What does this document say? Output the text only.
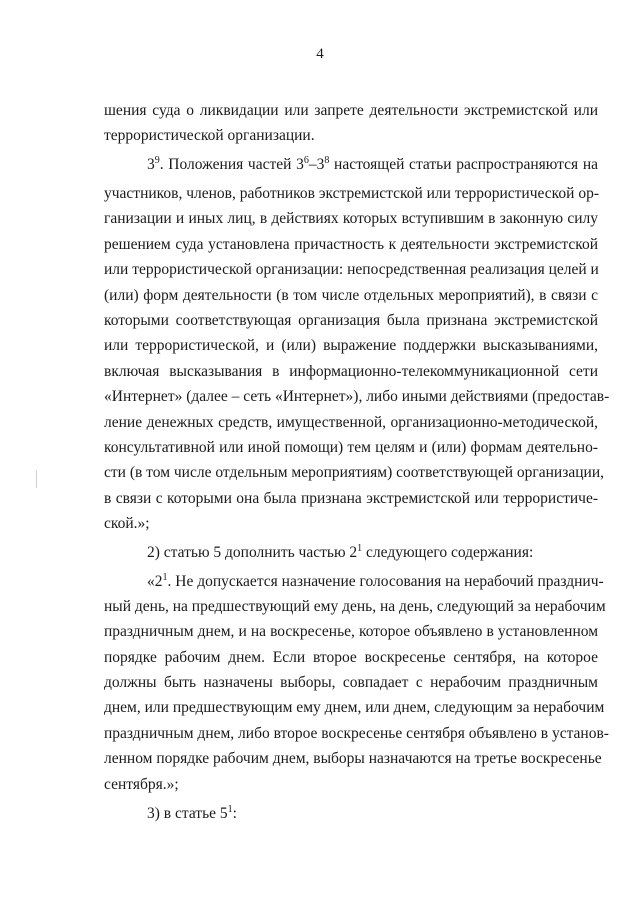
4
шения суда о ликвидации или запрете деятельности экстремистской или
террористической организации.
$3^9$. Положения частей $3^6-3^8$ настоящей статьи распространяются на
участников, членов, работников экстремистской или террористической ор-
ганизации и иных лиц, в действиях которых вступившим в законную силу
решением суда установлена причастность к деятельности экстремистской
или террористической организации: непосредственная реализация целей и
(или) форм деятельности (в том числе отдельных мероприятий), в связи с
которыми соответствующая организация была признана экстремистской
или террористической, и (или) выражение поддержки высказываниями,
включая высказывания в информационно-телекоммуникационной сети
«Интернет» (далее – сеть «Интернет»), либо иными действиями (предостав-
ление денежных средств, имущественной, организационно-методической,
консультативной или иной помощи) тем целям и (или) формам деятельно-
сти (в том числе отдельным мероприятиям) соответствующей организации,
в связи с которыми она была признана экстремистской или террористиче-
ской.»;
2) статью 5 дополнить частью $2^1$ следующего содержания:
«$2^1$. Не допускается назначение голосования на нерабочий празднич-
ный день, на предшествующий ему день, на день, следующий за нерабочим
праздничным днем, и на воскресенье, которое объявлено в установленном
порядке рабочим днем. Если второе воскресенье сентября, на которое
должны быть назначены выборы, совпадает с нерабочим праздничным
днем, или предшествующим ему днем, или днем, следующим за нерабочим
праздничным днем, либо второе воскресенье сентября объявлено в установ-
ленном порядке рабочим днем, выборы назначаются на третье воскресенье
сентября.»;
3) в статье $5^1$:
